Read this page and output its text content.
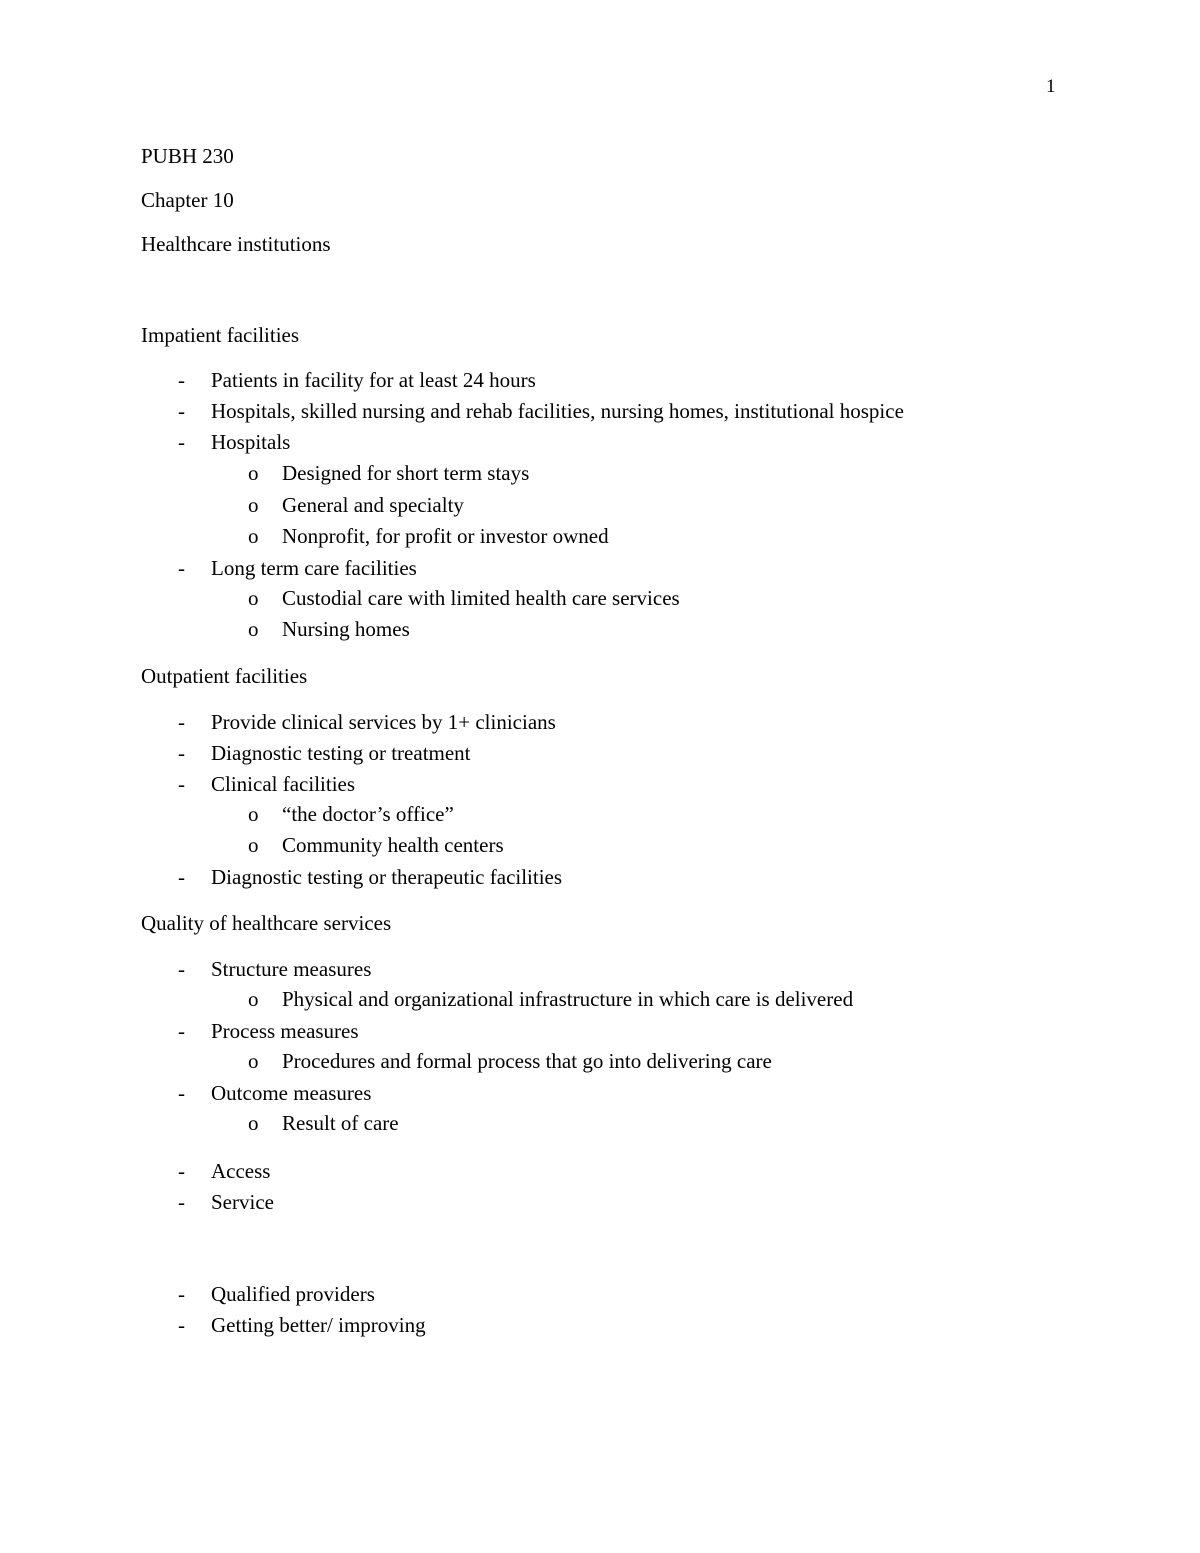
1
PUBH 230
Chapter 10
Healthcare institutions
Impatient facilities
- Patients in facility for at least 24 hours
- Hospitals, skilled nursing and rehab facilities, nursing homes, institutional hospice
- Hospitals
o Designed for short term stays
o General and specialty
o Nonprofit, for profit or investor owned
- Long term care facilities
o Custodial care with limited health care services
o Nursing homes
Outpatient facilities
- Provide clinical services by 1+ clinicians
- Diagnostic testing or treatment
- Clinical facilities
o “the doctor’s office”
o Community health centers
- Diagnostic testing or therapeutic facilities
Quality of healthcare services
- Structure measures
o Physical and organizational infrastructure in which care is delivered
- Process measures
o Procedures and formal process that go into delivering care
- Outcome measures
o Result of care
- Access
- Service
- Qualified providers
- Getting better/ improving
